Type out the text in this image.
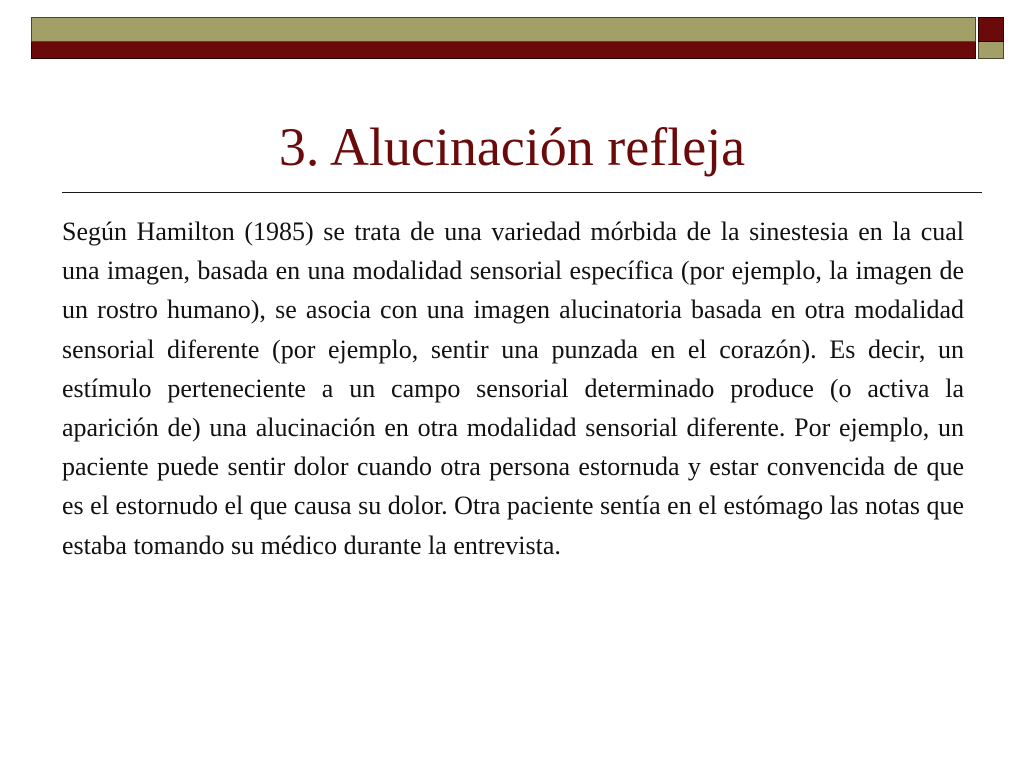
3. Alucinación refleja

Según Hamilton (1985) se trata de una variedad mórbida de la sinestesia en la cual una imagen, basada en una modalidad sensorial específica (por ejemplo, la imagen de un rostro humano), se asocia con una imagen alucinatoria basada en otra modalidad sensorial diferente (por ejemplo, sentir una punzada en el corazón). Es decir, un estímulo perteneciente a un campo sensorial determinado produce (o activa la aparición de) una alucinación en otra modalidad sensorial diferente. Por ejemplo, un paciente puede sentir dolor cuando otra persona estornuda y estar convencida de que es el estornudo el que causa su dolor. Otra paciente sentía en el estómago las notas que estaba tomando su médico durante la entrevista.
